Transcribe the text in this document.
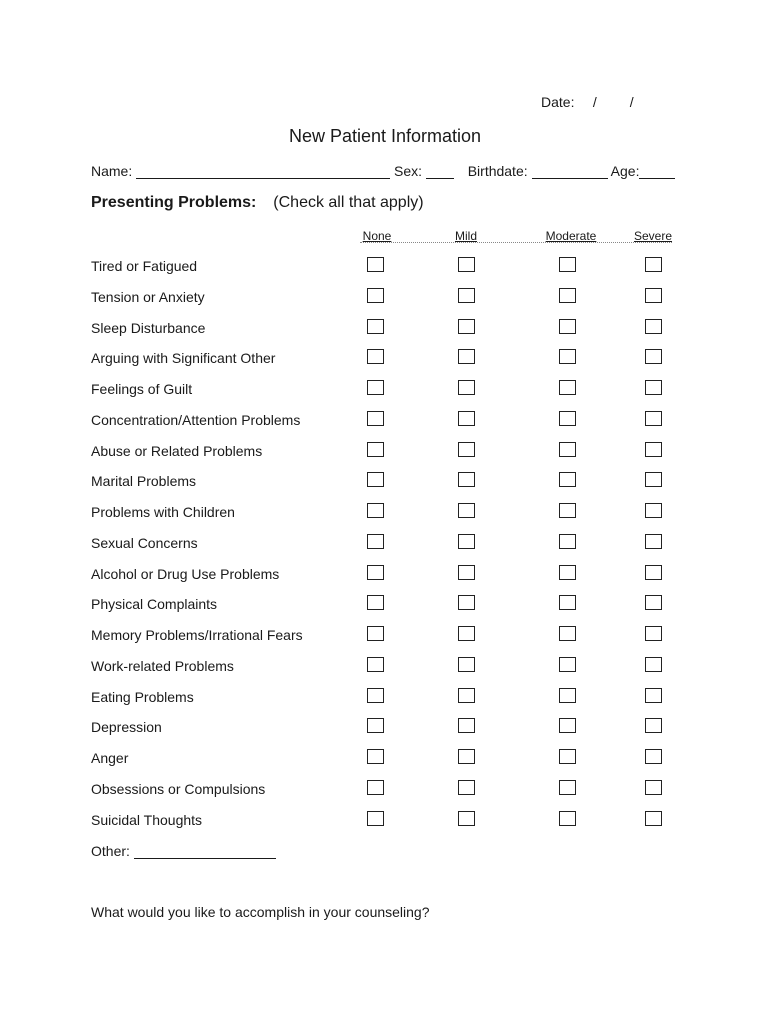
Date: / /
New Patient Information
Name:	Sex:	Birthdate:	Age:
Presenting Problems: (Check all that apply)
None	Mild	Moderate	Severe
Tired or Fatigued
Tension or Anxiety
Sleep Disturbance
Arguing with Significant Other
Feelings of Guilt
Concentration/Attention Problems
Abuse or Related Problems
Marital Problems
Problems with Children
Sexual Concerns
Alcohol or Drug Use Problems
Physical Complaints
Memory Problems/Irrational Fears
Work-related Problems
Eating Problems
Depression
Anger
Obsessions or Compulsions
Suicidal Thoughts
Other:
What would you like to accomplish in your counseling?
